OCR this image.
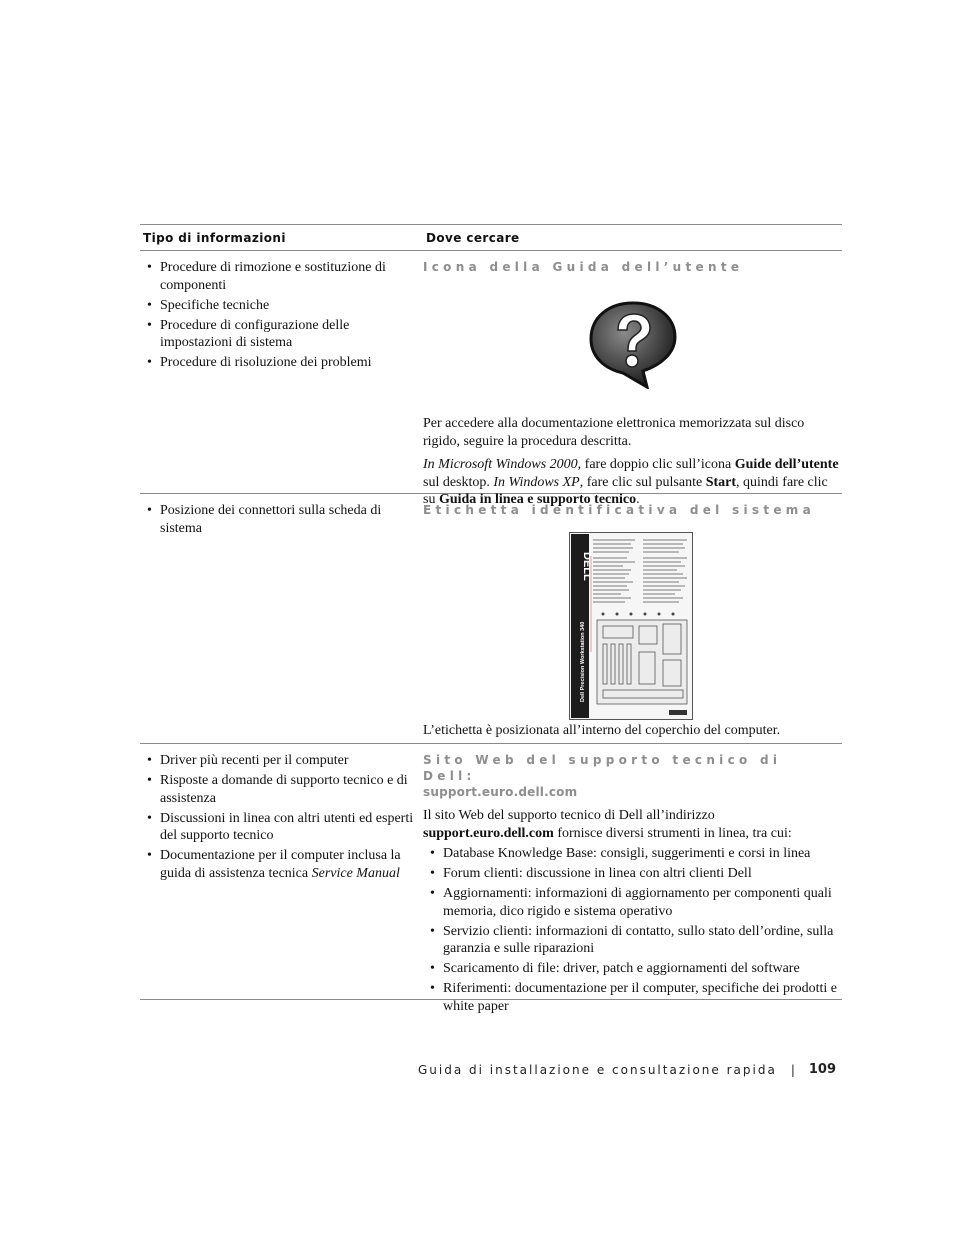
Tipo di informazioni	Dove cercare
• Procedure di rimozione e sostituzione di componenti
• Specifiche tecniche
• Procedure di configurazione delle impostazioni di sistema
• Procedure di risoluzione dei problemi
Icona della Guida dell’utente

Per accedere alla documentazione elettronica memorizzata sul disco rigido, seguire la procedura descritta.

In Microsoft Windows 2000, fare doppio clic sull’icona Guide dell’utente sul desktop. In Windows XP, fare clic sul pulsante Start, quindi fare clic su Guida in linea e supporto tecnico.

• Posizione dei connettori sulla scheda di sistema
Etichetta identificativa del sistema
DELL
Dell Precision Workstation 340

L’etichetta è posizionata all’interno del coperchio del computer.

• Driver più recenti per il computer
• Risposte a domande di supporto tecnico e di assistenza
• Discussioni in linea con altri utenti ed esperti del supporto tecnico
• Documentazione per il computer inclusa la guida di assistenza tecnica Service Manual
Sito Web del supporto tecnico di Dell:
support.euro.dell.com

Il sito Web del supporto tecnico di Dell all’indirizzo support.euro.dell.com fornisce diversi strumenti in linea, tra cui:

• Database Knowledge Base: consigli, suggerimenti e corsi in linea
• Forum clienti: discussione in linea con altri clienti Dell
• Aggiornamenti: informazioni di aggiornamento per componenti quali memoria, dico rigido e sistema operativo
• Servizio clienti: informazioni di contatto, sullo stato dell’ordine, sulla garanzia e sulle riparazioni
• Scaricamento di file: driver, patch e aggiornamenti del software
• Riferimenti: documentazione per il computer, specifiche dei prodotti e white paper
Guida di installazione e consultazione rapida | 109
